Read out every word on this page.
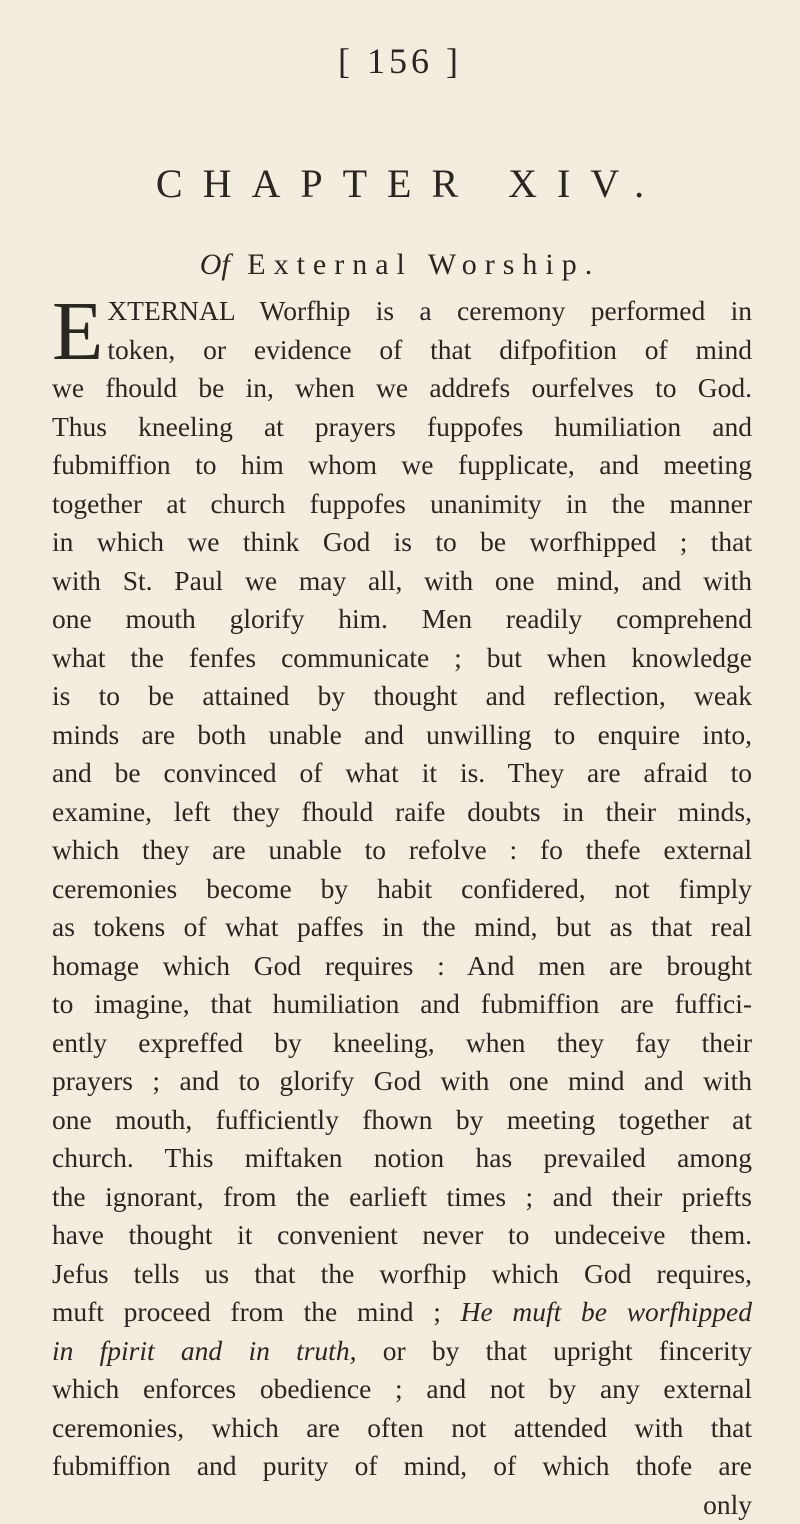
[ 156 ]
CHAPTER XIV.
Of External Worship.
E XTERNAL Worfhip is a ceremony performed in
token, or evidence of that difpofition of mind
we fhould be in, when we addrefs ourfelves to God.
Thus kneeling at prayers fuppofes humiliation and
fubmiffion to him whom we fupplicate, and meeting
together at church fuppofes unanimity in the manner
in which we think God is to be worfhipped ; that
with St. Paul we may all, with one mind, and with
one mouth glorify him. Men readily comprehend
what the fenfes communicate ; but when knowledge
is to be attained by thought and reflection, weak
minds are both unable and unwilling to enquire into,
and be convinced of what it is. They are afraid to
examine, left they fhould raife doubts in their minds,
which they are unable to refolve : fo thefe external
ceremonies become by habit confidered, not fimply
as tokens of what paffes in the mind, but as that real
homage which God requires : And men are brought
to imagine, that humiliation and fubmiffion are fuffici-
ently expreffed by kneeling, when they fay their
prayers ; and to glorify God with one mind and with
one mouth, fufficiently fhown by meeting together at
church. This miftaken notion has prevailed among
the ignorant, from the earlieft times ; and their priefts
have thought it convenient never to undeceive them.
Jefus tells us that the worfhip which God requires,
muft proceed from the mind ; He muft be worfhipped
in fpirit and in truth, or by that upright fincerity
which enforces obedience ; and not by any external
ceremonies, which are often not attended with that
fubmiffion and purity of mind, of which thofe are
only
